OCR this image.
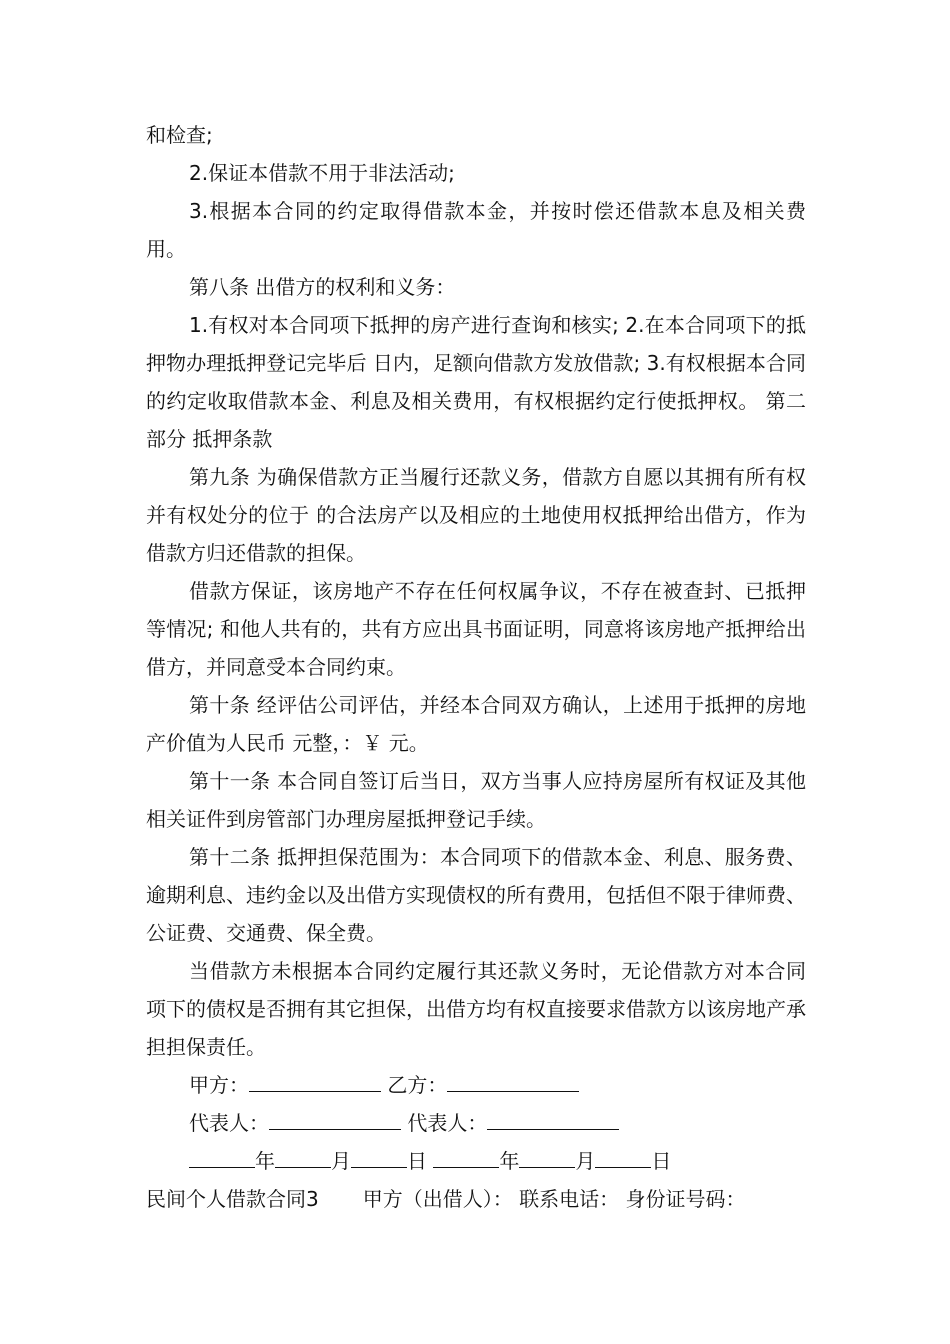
和检查;

2.保证本借款不用于非法活动;

3.根据本合同的约定取得借款本金，并按时偿还借款本息及相关费用。

第八条 出借方的权利和义务：

1.有权对本合同项下抵押的房产进行查询和核实; 2.在本合同项下的抵押物办理抵押登记完毕后 日内，足额向借款方发放借款; 3.有权根据本合同的约定收取借款本金、利息及相关费用，有权根据约定行使抵押权。 第二部分 抵押条款

第九条 为确保借款方正当履行还款义务，借款方自愿以其拥有所有权并有权处分的位于 的合法房产以及相应的土地使用权抵押给出借方，作为借款方归还借款的担保。

借款方保证，该房地产不存在任何权属争议，不存在被查封、已抵押等情况; 和他人共有的，共有方应出具书面证明，同意将该房地产抵押给出借方，并同意受本合同约束。

第十条 经评估公司评估，并经本合同双方确认，上述用于抵押的房地产价值为人民币 元整，：￥ 元。

第十一条 本合同自签订后当日，双方当事人应持房屋所有权证及其他相关证件到房管部门办理房屋抵押登记手续。

第十二条 抵押担保范围为：本合同项下的借款本金、利息、服务费、逾期利息、违约金以及出借方实现债权的所有费用，包括但不限于律师费、公证费、交通费、保全费。

当借款方未根据本合同约定履行其还款义务时，无论借款方对本合同项下的债权是否拥有其它担保，出借方均有权直接要求借款方以该房地产承担担保责任。

甲方：	乙方：
代表人：	代表人：
年	月	日	年	月	日
民间个人借款合同3 甲方（出借人）： 联系电话： 身份证号码：
